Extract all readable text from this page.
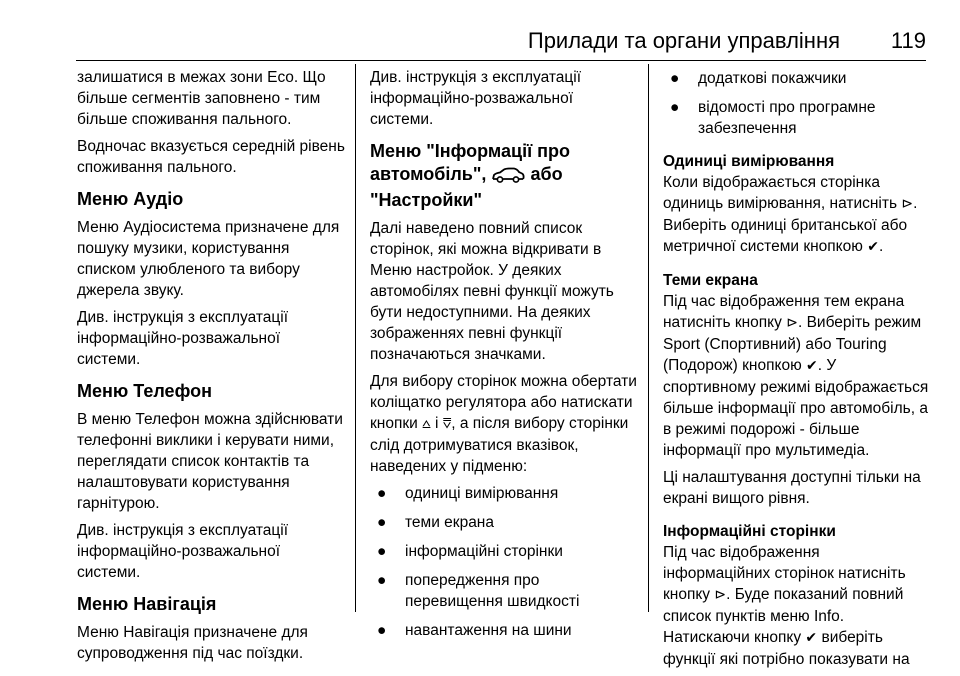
Прилади та органи управління 119

залишатися в межах зони Eco. Що більше сегментів заповнено - тим більше споживання пального.

Водночас вказується середній рівень споживання пального.

Меню Аудіо

Меню Аудіосистема призначене для пошуку музики, користування списком улюбленого та вибору джерела звуку.

Див. інструкція з експлуатації інформаційно-розважальної системи.

Меню Телефон

В меню Телефон можна здійснювати телефонні виклики і керувати ними, переглядати список контактів та налаштовувати користування гарнітурою.

Див. інструкція з експлуатації інформаційно-розважальної системи.

Меню Навігація

Меню Навігація призначене для супроводження під час поїздки.

Див. інструкція з експлуатації інформаційно-розважальної системи.

Меню "Інформації про автомобіль", або
"Настройки"

Далі наведено повний список сторінок, які можна відкривати в Меню настройок. У деяких автомобілях певні функції можуть бути недоступними. На деяких зображеннях певні функції позначаються значками.

Для вибору сторінок можна обертати коліщатко регулятора або натискати кнопки ⩟ і ⩢, а після вибору сторінки слід дотримуватися вказівок, наведених у підменю:

● одиниці вимірювання
● теми екрана
● інформаційні сторінки
● попередження про перевищення швидкості
● навантаження на шини
● додаткові покажчики
● відомості про програмне забезпечення
Одиниці вимірювання

Коли відображається сторінка одиниць вимірювання, натисніть ⊳. Виберіть одиниці британської або метричної системи кнопкою ✔.

Теми екрана

Під час відображення тем екрана натисніть кнопку ⊳. Виберіть режим Sport (Спортивний) або Touring (Подорож) кнопкою ✔. У спортивному режимі відображається більше інформації про автомобіль, а в режимі подорожі - більше інформації про мультимедіа.

Ці налаштування доступні тільки на екрані вищого рівня.

Інформаційні сторінки

Під час відображення інформаційних сторінок натисніть кнопку ⊳. Буде показаний повний список пунктів меню Info. Натискаючи кнопку ✔ виберіть функції які потрібно показувати на
